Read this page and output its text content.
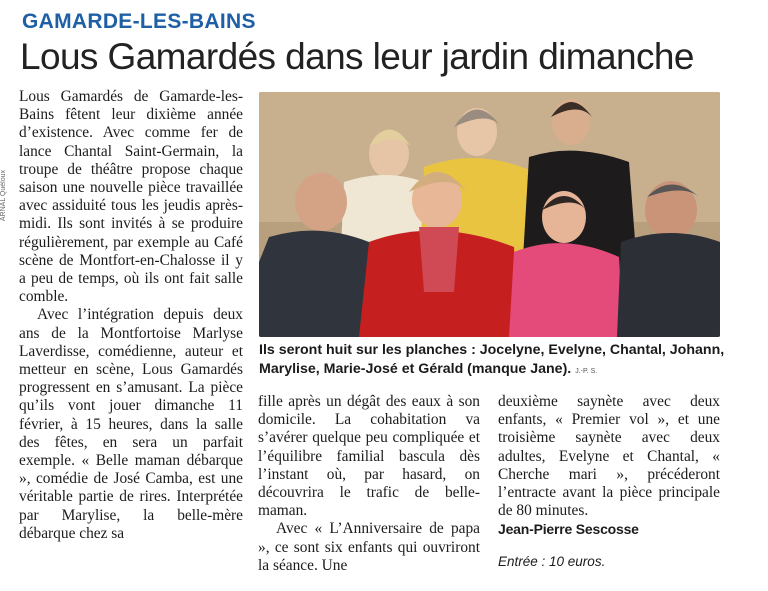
GAMARDE-LES-BAINS
Lous Gamardés dans leur jardin dimanche
ARNAL Quéloux

Lous Gamardés de Gamarde-les-Bains fêtent leur dixième année d’existence. Avec comme fer de lance Chantal Saint-Germain, la troupe de théâtre propose chaque saison une nouvelle pièce travaillée avec assiduité tous les jeudis après-midi. Ils sont invités à se produire régulièrement, par exemple au Café scène de Montfort-en-Chalosse il y a peu de temps, où ils ont fait salle comble.

Avec l’intégration depuis deux ans de la Montfortoise Marlyse Laverdisse, comédienne, auteur et metteur en scène, Lous Gamardés progressent en s’amusant. La pièce qu’ils vont jouer dimanche 11 février, à 15 heures, dans la salle des fêtes, en sera un parfait exemple. « Belle maman débarque », comédie de José Camba, est une véritable partie de rires. Interprétée par Marylise, la belle-mère débarque chez sa

Ils seront huit sur les planches : Jocelyne, Evelyne, Chantal, Johann, Marylise, Marie-José et Gérald (manque Jane). J.-P. S.

fille après un dégât des eaux à son domicile. La cohabitation va s’avérer quelque peu compliquée et l’équilibre familial bascula dès l’instant où, par hasard, on découvrira le trafic de belle-maman.

Avec « L’Anniversaire de papa », ce sont six enfants qui ouvriront la séance. Une

deuxième saynète avec deux enfants, « Premier vol », et une troisième saynète avec deux adultes, Evelyne et Chantal, « Cherche mari », précéderont l’entracte avant la pièce principale de 80 minutes.

Jean-Pierre Sescosse
Entrée : 10 euros.
